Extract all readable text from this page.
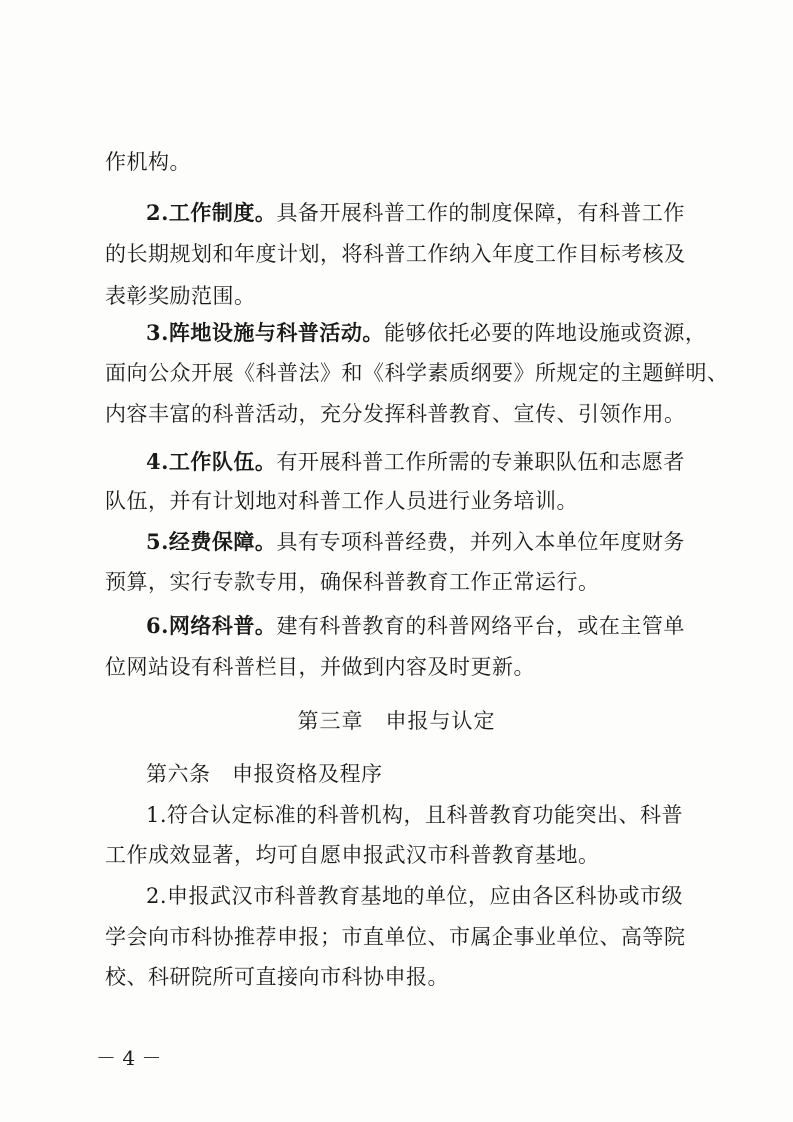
作机构。
2.工作制度。具备开展科普工作的制度保障，有科普工作
的长期规划和年度计划，将科普工作纳入年度工作目标考核及
表彰奖励范围。
3.阵地设施与科普活动。能够依托必要的阵地设施或资源，
面向公众开展《科普法》和《科学素质纲要》所规定的主题鲜明、
内容丰富的科普活动，充分发挥科普教育、宣传、引领作用。
4.工作队伍。有开展科普工作所需的专兼职队伍和志愿者
队伍，并有计划地对科普工作人员进行业务培训。
5.经费保障。具有专项科普经费，并列入本单位年度财务
预算，实行专款专用，确保科普教育工作正常运行。
6.网络科普。建有科普教育的科普网络平台，或在主管单
位网站设有科普栏目，并做到内容及时更新。
第三章　申报与认定
第六条　申报资格及程序
1.符合认定标准的科普机构，且科普教育功能突出、科普
工作成效显著，均可自愿申报武汉市科普教育基地。
2.申报武汉市科普教育基地的单位，应由各区科协或市级
学会向市科协推荐申报；市直单位、市属企事业单位、高等院
校、科研院所可直接向市科协申报。
－ 4 －
